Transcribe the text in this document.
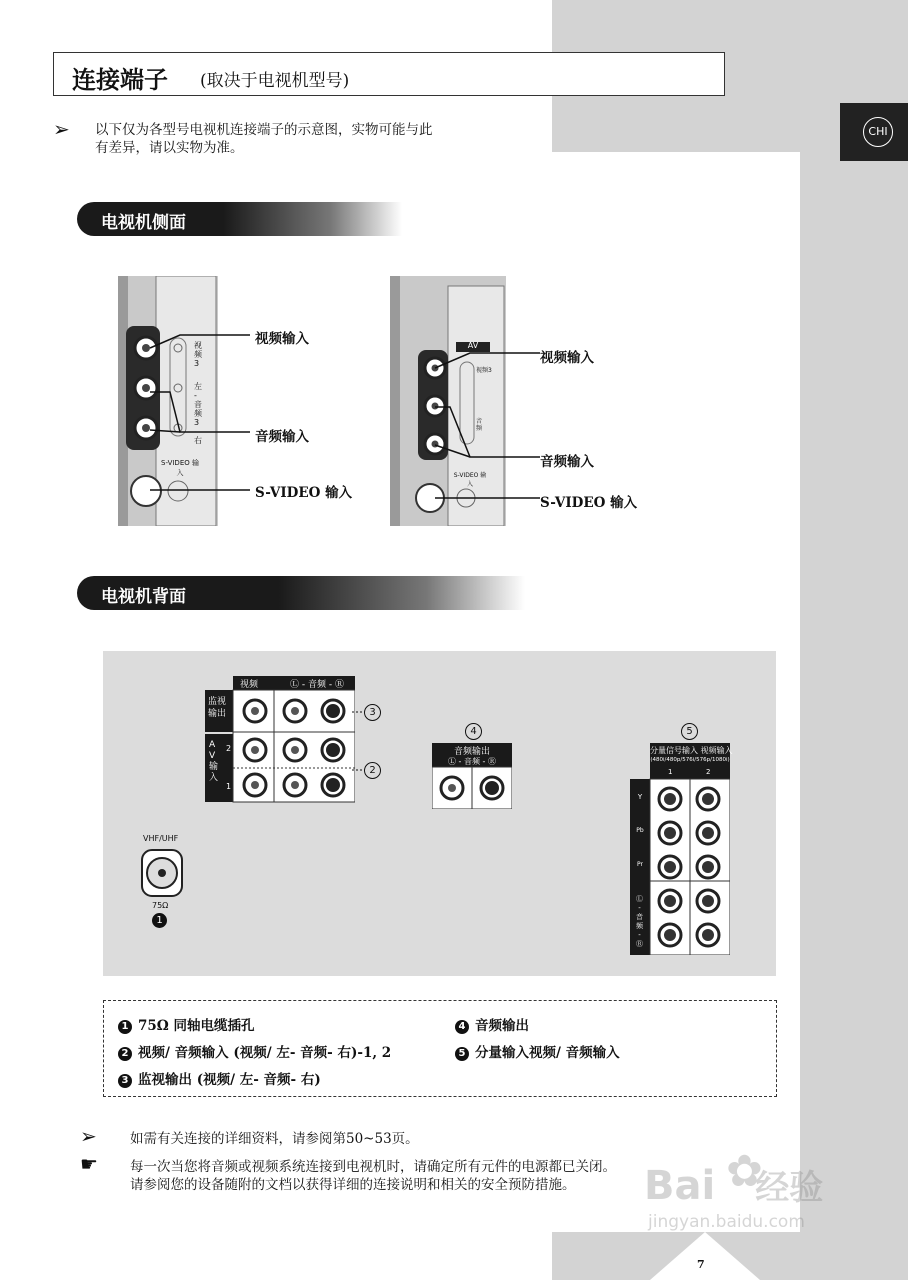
连接端子 (取决于电视机型号)
CHI
➢ 以下仅为各型号电视机连接端子的示意图，实物可能与此
有差异，请以实物为准。
电视机侧面
视 频 3
左 - 音 频 3 - 右
S-VIDEO 输入
视频输入
音频输入
S-VIDEO 输入
AV
视频3
音频
S-VIDEO 输入
视频输入
音频输入
S-VIDEO 输入
电视机背面
视频	Ⓛ - 音频 - Ⓡ
监视 输出
A V 输 入
2
1
3
2
4
音频输出
Ⓛ - 音频 - Ⓡ
5
分量信号输入 视频输入
(480i/480p/576i/576p/1080i)
1	2
Y
Pb
Pr
Ⓛ - 音频 - Ⓡ
VHF/UHF
75Ω
1
1 75Ω 同轴电缆插孔
2 视频/ 音频输入 (视频/ 左- 音频- 右)-1, 2
3 监视输出 (视频/ 左- 音频- 右)
4 音频输出
5 分量输入视频/ 音频输入
➢ 如需有关连接的详细资料，请参阅第50~53页。
☛ 每一次当您将音频或视频系统连接到电视机时，请确定所有元件的电源都已关闭。
请参阅您的设备随附的文档以获得详细的连接说明和相关的安全预防措施。 Bai 经验
✿
jingyan.baidu.com
7
